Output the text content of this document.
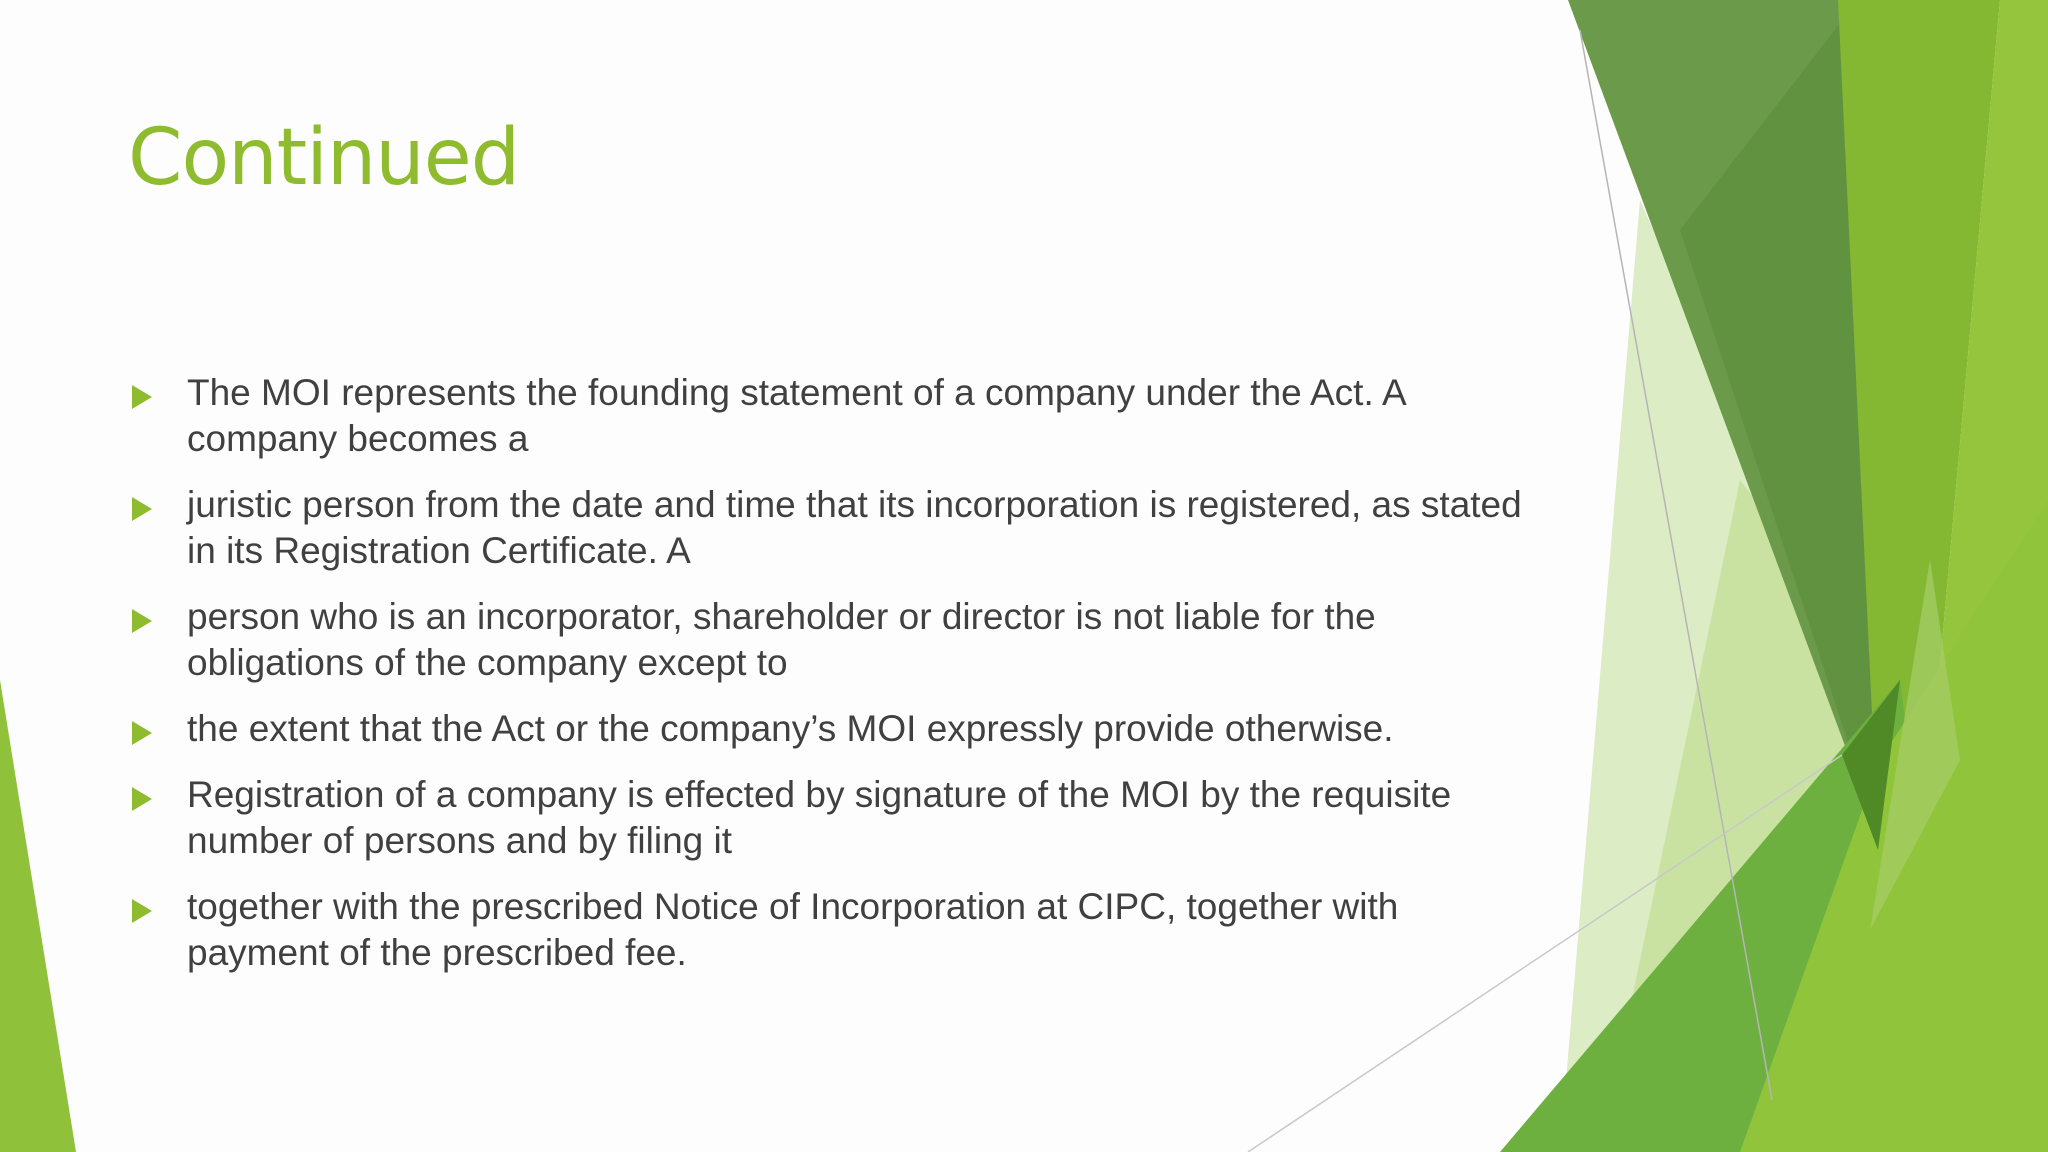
Continued
The MOI represents the founding statement of a company under the Act. A company becomes a
juristic person from the date and time that its incorporation is registered, as stated in its Registration Certificate. A
person who is an incorporator, shareholder or director is not liable for the obligations of the company except to
the extent that the Act or the company’s MOI expressly provide otherwise.
Registration of a company is effected by signature of the MOI by the requisite number of persons and by filing it
together with the prescribed Notice of Incorporation at CIPC, together with payment of the prescribed fee.
